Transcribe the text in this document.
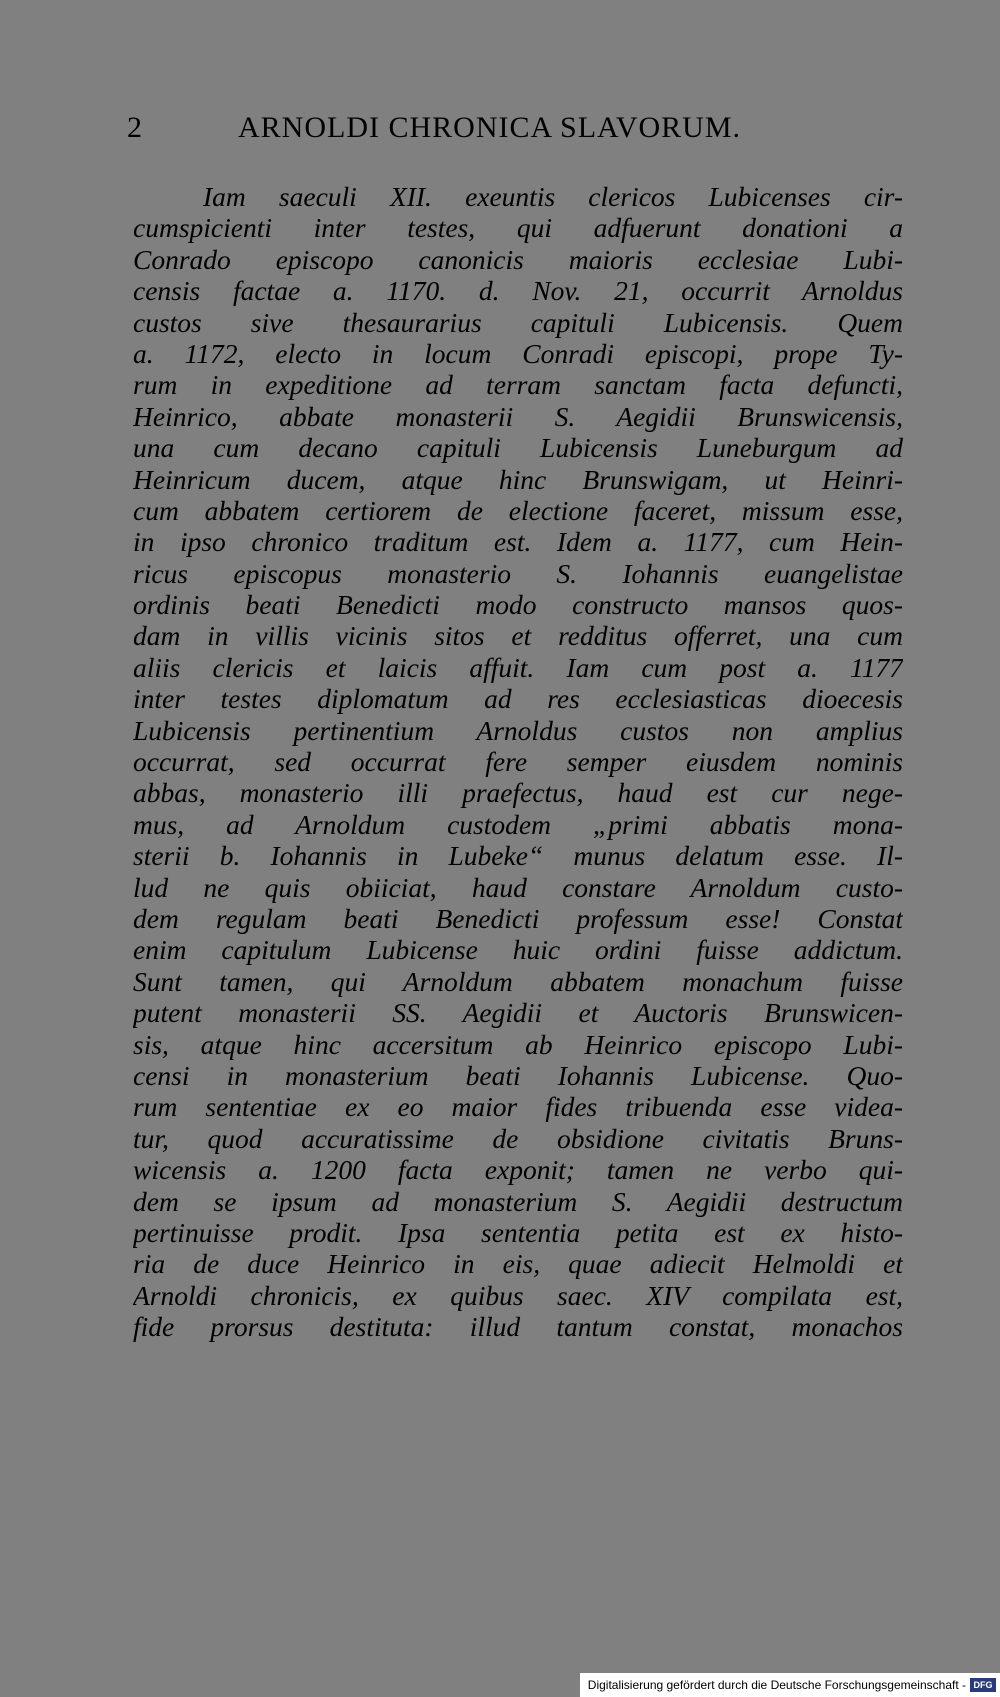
2	ARNOLDI CHRONICA SLAVORUM.
Iam saeculi XII. exeuntis clericos Lubicenses cir-
cumspicienti inter testes, qui adfuerunt donationi a
Conrado episcopo canonicis maioris ecclesiae Lubi-
censis factae a. 1170. d. Nov. 21, occurrit Arnoldus
custos sive thesaurarius capituli Lubicensis. Quem
a. 1172, electo in locum Conradi episcopi, prope Ty-
rum in expeditione ad terram sanctam facta defuncti,
Heinrico, abbate monasterii S. Aegidii Brunswicensis,
una cum decano capituli Lubicensis Luneburgum ad
Heinricum ducem, atque hinc Brunswigam, ut Heinri-
cum abbatem certiorem de electione faceret, missum esse,
in ipso chronico traditum est. Idem a. 1177, cum Hein-
ricus episcopus monasterio S. Iohannis euangelistae
ordinis beati Benedicti modo constructo mansos quos-
dam in villis vicinis sitos et redditus offerret, una cum
aliis clericis et laicis affuit. Iam cum post a. 1177
inter testes diplomatum ad res ecclesiasticas dioecesis
Lubicensis pertinentium Arnoldus custos non amplius
occurrat, sed occurrat fere semper eiusdem nominis
abbas, monasterio illi praefectus, haud est cur nege-
mus, ad Arnoldum custodem „primi abbatis mona-
sterii b. Iohannis in Lubeke“ munus delatum esse. Il-
lud ne quis obiiciat, haud constare Arnoldum custo-
dem regulam beati Benedicti professum esse! Constat
enim capitulum Lubicense huic ordini fuisse addictum.
Sunt tamen, qui Arnoldum abbatem monachum fuisse
putent monasterii SS. Aegidii et Auctoris Brunswicen-
sis, atque hinc accersitum ab Heinrico episcopo Lubi-
censi in monasterium beati Iohannis Lubicense. Quo-
rum sententiae ex eo maior fides tribuenda esse videa-
tur, quod accuratissime de obsidione civitatis Bruns-
wicensis a. 1200 facta exponit; tamen ne verbo qui-
dem se ipsum ad monasterium S. Aegidii destructum
pertinuisse prodit. Ipsa sententia petita est ex histo-
ria de duce Heinrico in eis, quae adiecit Helmoldi et
Arnoldi chronicis, ex quibus saec. XIV compilata est,
fide prorsus destituta: illud tantum constat, monachos
Digitalisierung gefördert durch die Deutsche Forschungsgemeinschaft - DFG
